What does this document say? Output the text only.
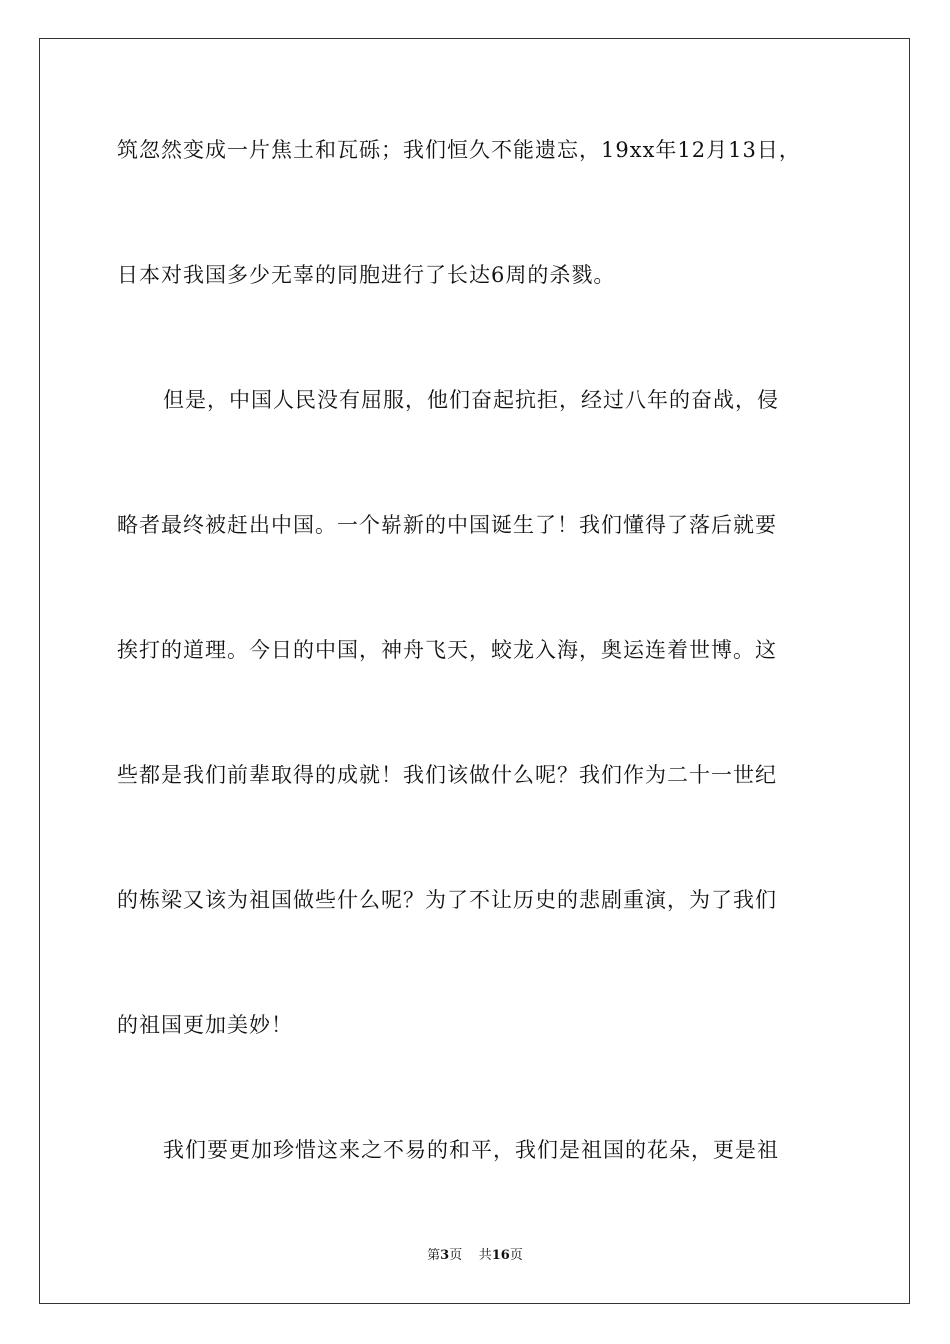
筑忽然变成一片焦土和瓦砾；我们恒久不能遗忘，19xx年12月13日，
日本对我国多少无辜的同胞进行了长达6周的杀戮。
但是，中国人民没有屈服，他们奋起抗拒，经过八年的奋战，侵
略者最终被赶出中国。一个崭新的中国诞生了！我们懂得了落后就要
挨打的道理。今日的中国，神舟飞天，蛟龙入海，奥运连着世博。这
些都是我们前辈取得的成就！我们该做什么呢？我们作为二十一世纪
的栋梁又该为祖国做些什么呢？为了不让历史的悲剧重演，为了我们
的祖国更加美妙！
我们要更加珍惜这来之不易的和平，我们是祖国的花朵，更是祖
第3页 共16页
